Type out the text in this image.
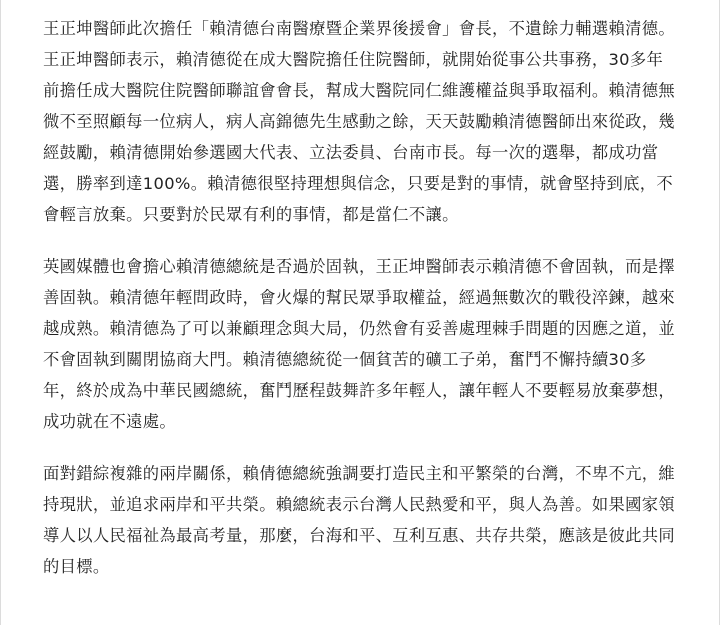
王正坤醫師此次擔任「賴清德台南醫療暨企業界後援會」會長，不遺餘力輔選賴清德。王正坤醫師表示，賴清德從在成大醫院擔任住院醫師，就開始從事公共事務，30多年前擔任成大醫院住院醫師聯誼會會長，幫成大醫院同仁維護權益與爭取福利。賴清德無微不至照顧每一位病人，病人高錦德先生感動之餘，天天鼓勵賴清德醫師出來從政，幾經鼓勵，賴清德開始參選國大代表、立法委員、台南市長。每一次的選舉，都成功當選，勝率到達100%。賴清德很堅持理想與信念，只要是對的事情，就會堅持到底，不會輕言放棄。只要對於民眾有利的事情，都是當仁不讓。

英國媒體也會擔心賴清德總統是否過於固執，王正坤醫師表示賴清德不會固執，而是擇善固執。賴清德年輕問政時，會火爆的幫民眾爭取權益，經過無數次的戰役淬鍊，越來越成熟。賴清德為了可以兼顧理念與大局，仍然會有妥善處理棘手問題的因應之道，並不會固執到關閉協商大門。賴清德總統從一個貧苦的礦工子弟，奮鬥不懈持續30多年，終於成為中華民國總統，奮鬥歷程鼓舞許多年輕人，讓年輕人不要輕易放棄夢想，成功就在不遠處。

面對錯綜複雜的兩岸關係，賴倩德總統強調要打造民主和平繁榮的台灣，不卑不亢，維持現狀，並追求兩岸和平共榮。賴總統表示台灣人民熱愛和平，與人為善。如果國家領導人以人民福祉為最高考量，那麼，台海和平、互利互惠、共存共榮，應該是彼此共同的目標。
